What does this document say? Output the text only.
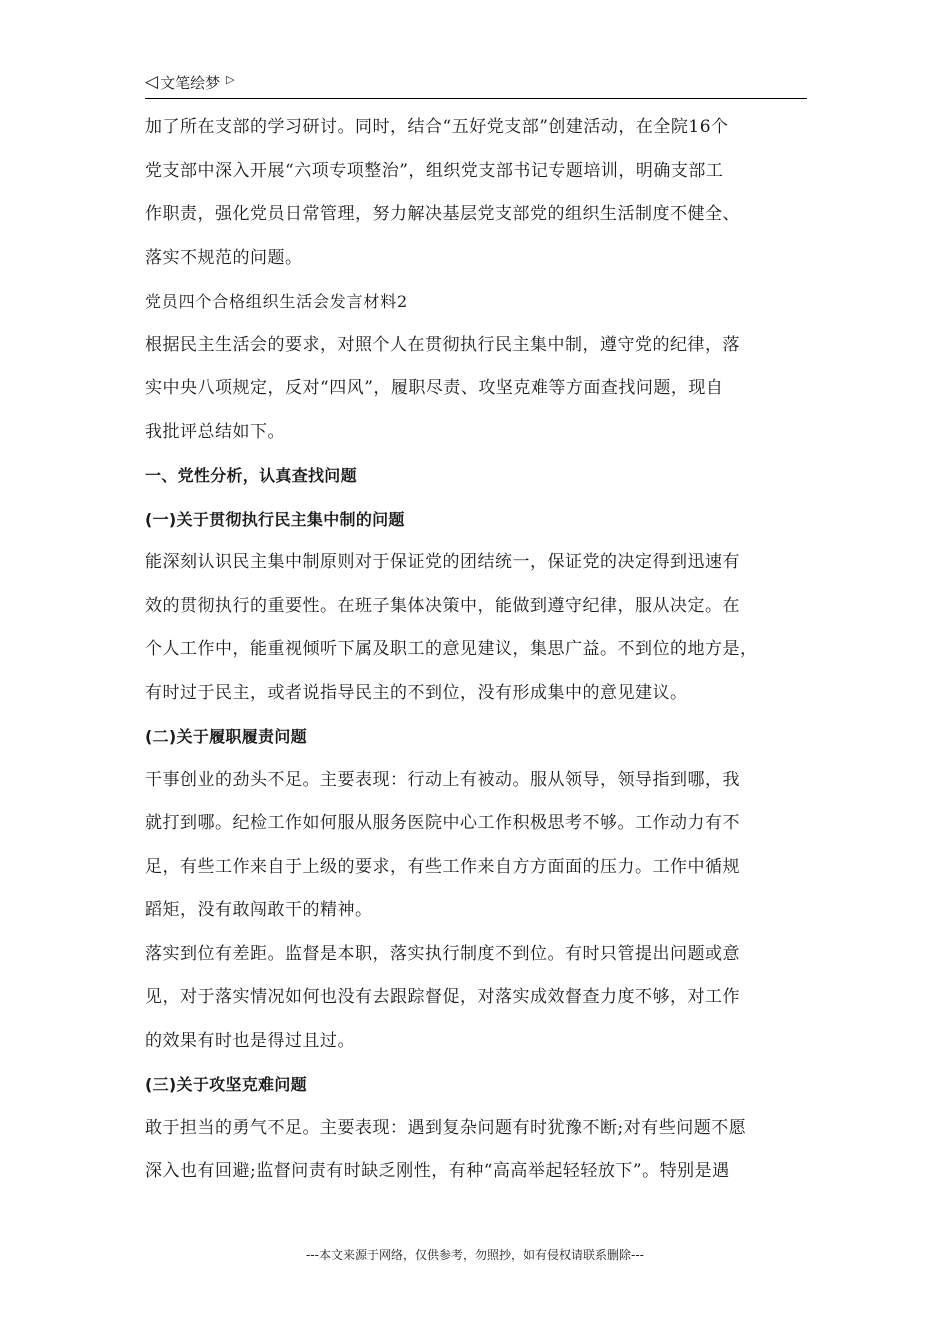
◁ 文笔绘梦 ▷
加了所在支部的学习研讨。同时，结合“五好党支部”创建活动，在全院16个
党支部中深入开展“六项专项整治”，组织党支部书记专题培训，明确支部工
作职责，强化党员日常管理，努力解决基层党支部党的组织生活制度不健全、
落实不规范的问题。
党员四个合格组织生活会发言材料2
根据民主生活会的要求，对照个人在贯彻执行民主集中制，遵守党的纪律，落
实中央八项规定，反对“四风”，履职尽责、攻坚克难等方面查找问题，现自
我批评总结如下。
一、党性分析，认真查找问题
(一)关于贯彻执行民主集中制的问题
能深刻认识民主集中制原则对于保证党的团结统一，保证党的决定得到迅速有
效的贯彻执行的重要性。在班子集体决策中，能做到遵守纪律，服从决定。在
个人工作中，能重视倾听下属及职工的意见建议，集思广益。不到位的地方是，
有时过于民主，或者说指导民主的不到位，没有形成集中的意见建议。
(二)关于履职履责问题
干事创业的劲头不足。主要表现：行动上有被动。服从领导，领导指到哪，我
就打到哪。纪检工作如何服从服务医院中心工作积极思考不够。工作动力有不
足，有些工作来自于上级的要求，有些工作来自方方面面的压力。工作中循规
蹈矩，没有敢闯敢干的精神。
落实到位有差距。监督是本职，落实执行制度不到位。有时只管提出问题或意
见，对于落实情况如何也没有去跟踪督促，对落实成效督查力度不够，对工作
的效果有时也是得过且过。
(三)关于攻坚克难问题
敢于担当的勇气不足。主要表现：遇到复杂问题有时犹豫不断;对有些问题不愿
深入也有回避;监督问责有时缺乏刚性，有种“高高举起轻轻放下”。特别是遇
---本文来源于网络，仅供参考，勿照抄，如有侵权请联系删除---
